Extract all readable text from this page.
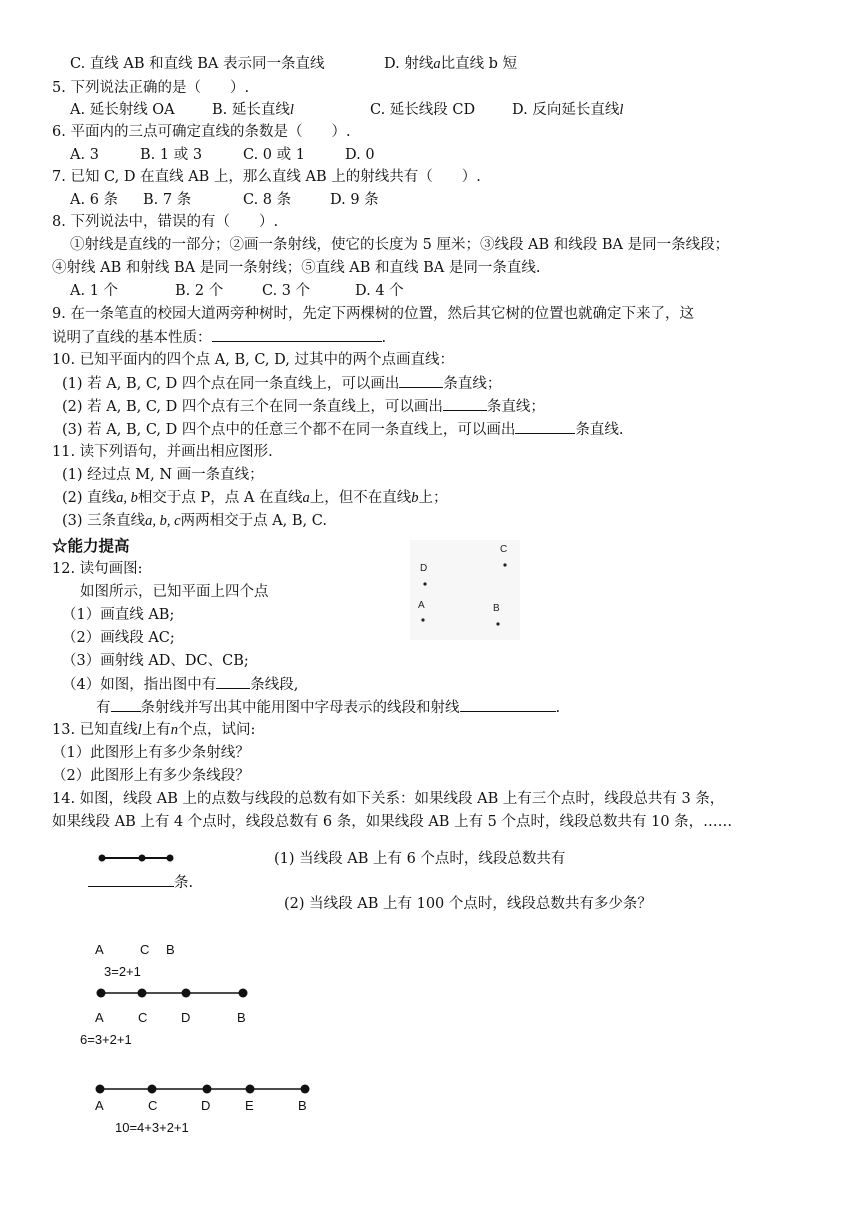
C. 直线 AB 和直线 BA 表示同一条直线	D. 射线a比直线 b 短
5. 下列说法正确的是（　　）.
A. 延长射线 OA	B. 延长直线l	C. 延长线段 CD	D. 反向延长直线l
6. 平面内的三点可确定直线的条数是（　　）.
A. 3	B. 1 或 3	C. 0 或 1	D. 0
7. 已知 C, D 在直线 AB 上，那么直线 AB 上的射线共有（　　）.
A. 6 条 B. 7 条	C. 8 条	D. 9 条
8. 下列说法中，错误的有（　　）.
①射线是直线的一部分；②画一条射线，使它的长度为 5 厘米；③线段 AB 和线段 BA 是同一条线段；
④射线 AB 和射线 BA 是同一条射线；⑤直线 AB 和直线 BA 是同一条直线.
A. 1 个	B. 2 个	C. 3 个	D. 4 个
9. 在一条笔直的校园大道两旁种树时，先定下两棵树的位置，然后其它树的位置也就确定下来了，这
说明了直线的基本性质：	.
10. 已知平面内的四个点 A, B, C, D, 过其中的两个点画直线：
(1) 若 A, B, C, D 四个点在同一条直线上，可以画出	条直线；
(2) 若 A, B, C, D 四个点有三个在同一条直线上，可以画出	条直线；
(3) 若 A, B, C, D 四个点中的任意三个都不在同一条直线上，可以画出	条直线.
11. 读下列语句，并画出相应图形.
(1) 经过点 M, N 画一条直线；
(2) 直线a, b相交于点 P，点 A 在直线a上，但不在直线b上；
(3) 三条直线a, b, c两两相交于点 A, B, C.
☆能力提高
12. 读句画图:
如图所示，已知平面上四个点
（1）画直线 AB;
（2）画线段 AC;
（3）画射线 AD、DC、CB;
（4）如图，指出图中有 条线段,
有 条射线并写出其中能用图中字母表示的线段和射线	.
D
C
A	B
13. 已知直线l上有n个点，试问:
（1）此图形上有多少条射线？
（2）此图形上有多少条线段？
14. 如图，线段 AB 上的点数与线段的总数有如下关系：如果线段 AB 上有三个点时，线段总共有 3 条，
如果线段 AB 上有 4 个点时，线段总数有 6 条，如果线段 AB 上有 5 个点时，线段总数共有 10 条，……
(1) 当线段 AB 上有 6 个点时，线段总数共有
条.
(2) 当线段 AB 上有 100 个点时，线段总数共有多少条？
A	C B
3=2+1
A	C	D	B
6=3+2+1
A	C	D	E	B
10=4+3+2+1
